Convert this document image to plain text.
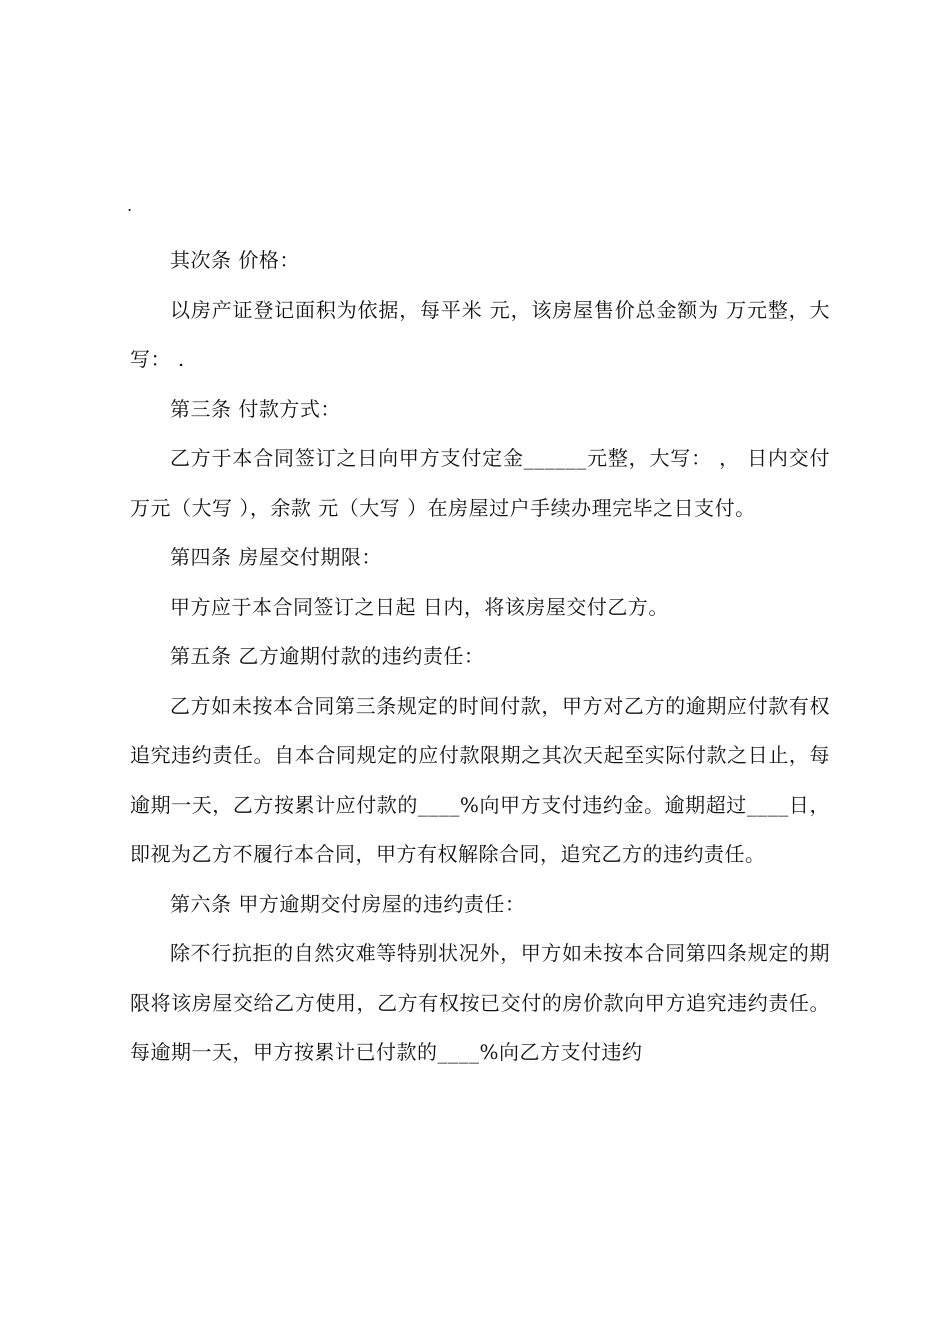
.

其次条 价格：

以房产证登记面积为依据，每平米 元，该房屋售价总金额为 万元整，大写： .

第三条 付款方式：

乙方于本合同签订之日向甲方支付定金______元整，大写： ， 日内交付 万元（大写 ），余款 元（大写 ）在房屋过户手续办理完毕之日支付。

第四条 房屋交付期限：

甲方应于本合同签订之日起 日内，将该房屋交付乙方。

第五条 乙方逾期付款的违约责任：

乙方如未按本合同第三条规定的时间付款，甲方对乙方的逾期应付款有权追究违约责任。自本合同规定的应付款限期之其次天起至实际付款之日止，每逾期一天，乙方按累计应付款的____%向甲方支付违约金。逾期超过____日，即视为乙方不履行本合同，甲方有权解除合同，追究乙方的违约责任。

第六条 甲方逾期交付房屋的违约责任：

除不行抗拒的自然灾难等特别状况外，甲方如未按本合同第四条规定的期限将该房屋交给乙方使用，乙方有权按已交付的房价款向甲方追究违约责任。每逾期一天，甲方按累计已付款的____%向乙方支付违约
